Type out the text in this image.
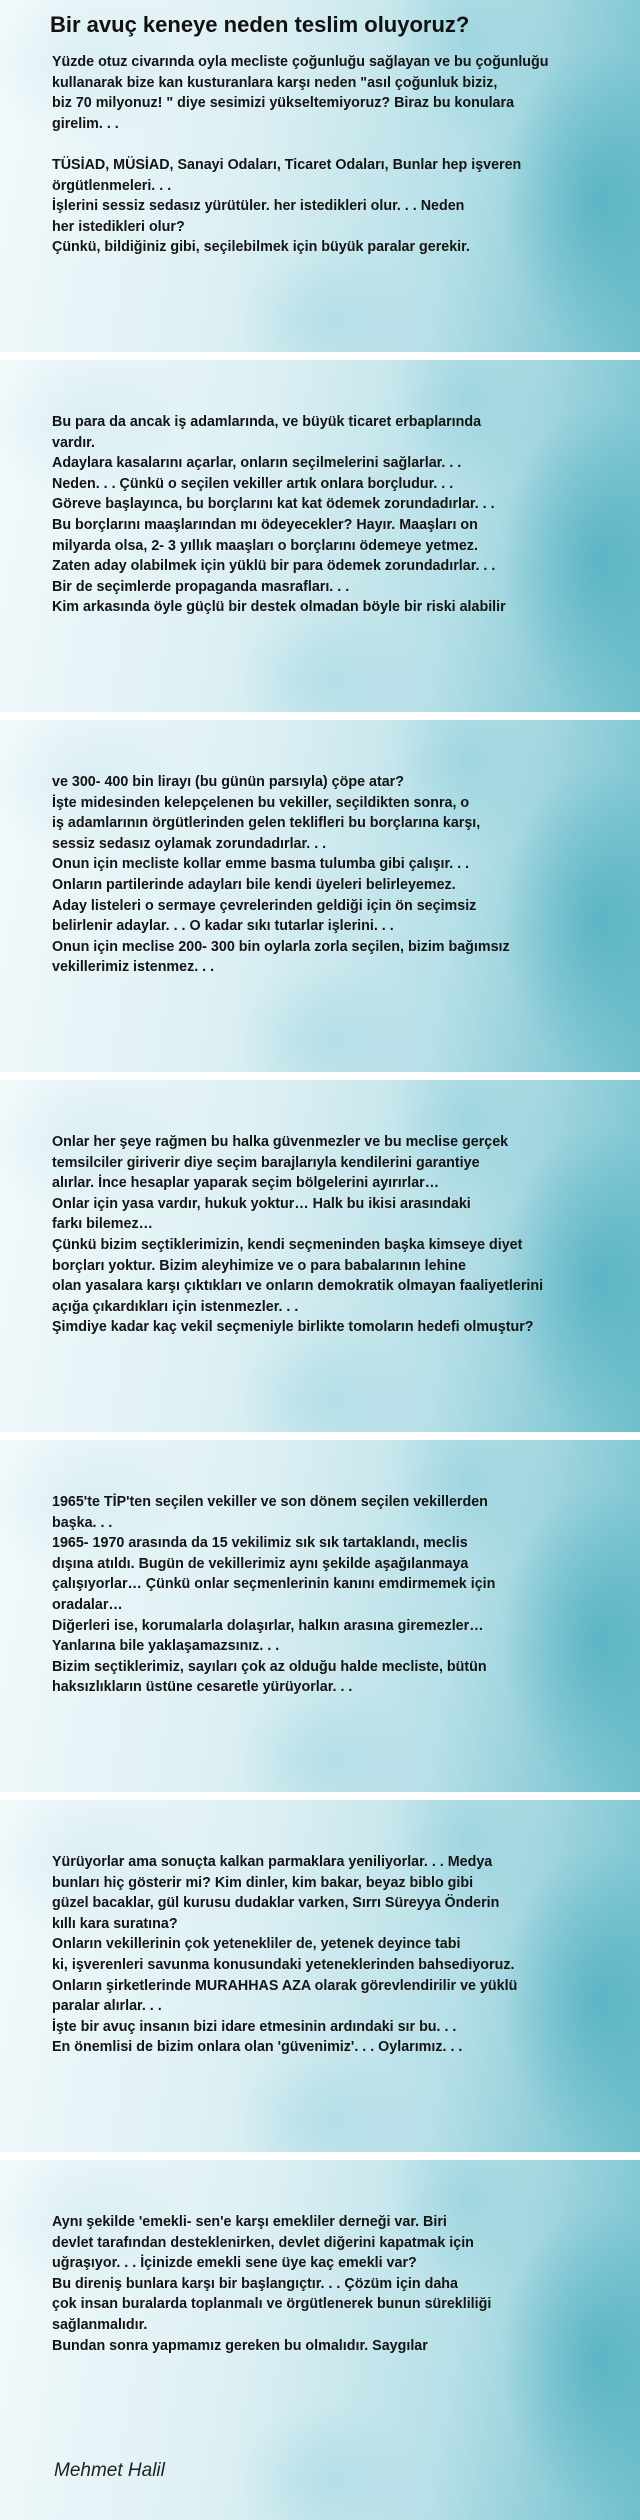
Bir avuç keneye neden teslim oluyoruz?
Yüzde otuz civarında oyla mecliste çoğunluğu sağlayan ve bu çoğunluğu
kullanarak bize kan kusturanlara karşı neden "asıl çoğunluk biziz,
biz 70 milyonuz! " diye sesimizi yükseltemiyoruz? Biraz bu konulara
girelim. . .
TÜSİAD, MÜSİAD, Sanayi Odaları, Ticaret Odaları, Bunlar hep işveren
örgütlenmeleri. . .
İşlerini sessiz sedasız yürütüler. her istedikleri olur. . . Neden
her istedikleri olur?
Çünkü, bildiğiniz gibi, seçilebilmek için büyük paralar gerekir.
Bu para da ancak iş adamlarında, ve büyük ticaret erbaplarında
vardır.
Adaylara kasalarını açarlar, onların seçilmelerini sağlarlar. . .
Neden. . . Çünkü o seçilen vekiller artık onlara borçludur. . .
Göreve başlayınca, bu borçlarını kat kat ödemek zorundadırlar. . .
Bu borçlarını maaşlarından mı ödeyecekler? Hayır. Maaşları on
milyarda olsa, 2- 3 yıllık maaşları o borçlarını ödemeye yetmez.
Zaten aday olabilmek için yüklü bir para ödemek zorundadırlar. . .
Bir de seçimlerde propaganda masrafları. . .
Kim arkasında öyle güçlü bir destek olmadan böyle bir riski alabilir
ve 300- 400 bin lirayı (bu günün parsıyla) çöpe atar?
İşte midesinden kelepçelenen bu vekiller, seçildikten sonra, o
iş adamlarının örgütlerinden gelen teklifleri bu borçlarına karşı,
sessiz sedasız oylamak zorundadırlar. . .
Onun için mecliste kollar emme basma tulumba gibi çalışır. . .
Onların partilerinde adayları bile kendi üyeleri belirleyemez.
Aday listeleri o sermaye çevrelerinden geldiği için ön seçimsiz
belirlenir adaylar. . . O kadar sıkı tutarlar işlerini. . .
Onun için meclise 200- 300 bin oylarla zorla seçilen, bizim bağımsız
vekillerimiz istenmez. . .
Onlar her şeye rağmen bu halka güvenmezler ve bu meclise gerçek
temsilciler giriverir diye seçim barajlarıyla kendilerini garantiye
alırlar. İnce hesaplar yaparak seçim bölgelerini ayırırlar…
Onlar için yasa vardır, hukuk yoktur… Halk bu ikisi arasındaki
farkı bilemez…
Çünkü bizim seçtiklerimizin, kendi seçmeninden başka kimseye diyet
borçları yoktur. Bizim aleyhimize ve o para babalarının lehine
olan yasalara karşı çıktıkları ve onların demokratik olmayan faaliyetlerini
açığa çıkardıkları için istenmezler. . .
Şimdiye kadar kaç vekil seçmeniyle birlikte tomoların hedefi olmuştur?
1965'te TİP'ten seçilen vekiller ve son dönem seçilen vekillerden
başka. . .
1965- 1970 arasında da 15 vekilimiz sık sık tartaklandı, meclis
dışına atıldı. Bugün de vekillerimiz aynı şekilde aşağılanmaya
çalışıyorlar… Çünkü onlar seçmenlerinin kanını emdirmemek için
oradalar…
Diğerleri ise, korumalarla dolaşırlar, halkın arasına giremezler…
Yanlarına bile yaklaşamazsınız. . .
Bizim seçtiklerimiz, sayıları çok az olduğu halde mecliste, bütün
haksızlıkların üstüne cesaretle yürüyorlar. . .
Yürüyorlar ama sonuçta kalkan parmaklara yeniliyorlar. . . Medya
bunları hiç gösterir mi? Kim dinler, kim bakar, beyaz biblo gibi
güzel bacaklar, gül kurusu dudaklar varken, Sırrı Süreyya Önderin
kıllı kara suratına?
Onların vekillerinin çok yetenekliler de, yetenek deyince tabi
ki, işverenleri savunma konusundaki yeteneklerinden bahsediyoruz.
Onların şirketlerinde MURAHHAS AZA olarak görevlendirilir ve yüklü
paralar alırlar. . .
İşte bir avuç insanın bizi idare etmesinin ardındaki sır bu. . .
En önemlisi de bizim onlara olan 'güvenimiz'. . . Oylarımız. . .
Aynı şekilde 'emekli- sen'e karşı emekliler derneği var. Biri
devlet tarafından desteklenirken, devlet diğerini kapatmak için
uğraşıyor. . . İçinizde emekli sene üye kaç emekli var?
Bu direniş bunlara karşı bir başlangıçtır. . . Çözüm için daha
çok insan buralarda toplanmalı ve örgütlenerek bunun sürekliliği
sağlanmalıdır.
Bundan sonra yapmamız gereken bu olmalıdır. Saygılar

Mehmet Halil
